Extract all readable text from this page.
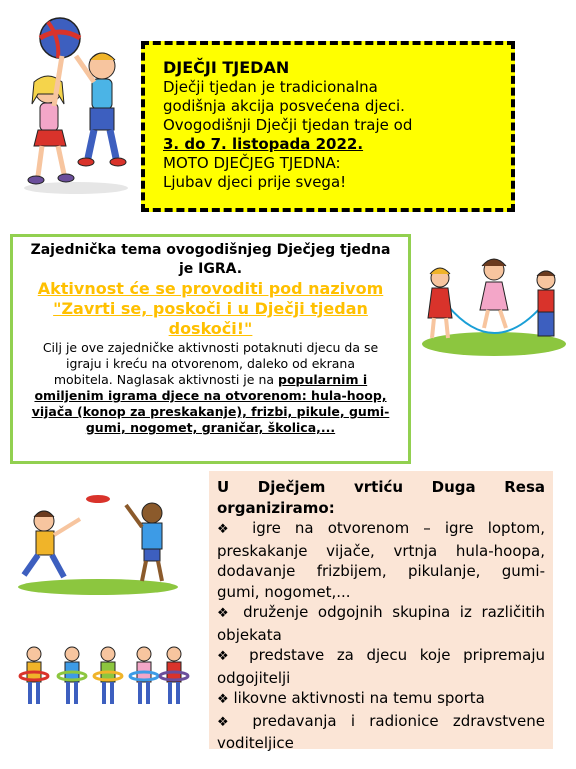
DJEČJI TJEDAN
Dječji tjedan je tradicionalna
godišnja akcija posvećena djeci.
Ovogodišnji Dječji tjedan traje od
3. do 7. listopada 2022.
MOTO DJEČJEG TJEDNA:
Ljubav djeci prije svega!
Zajednička tema ovogodišnjeg Dječjeg tjedna
je IGRA.
Aktivnost će se provoditi pod nazivom
"Zavrti se, poskoči i u Dječji tjedan
doskoči!"
Cilj je ove zajedničke aktivnosti potaknuti djecu da se
igraju i kreću na otvorenom, daleko od ekrana
mobitela. Naglasak aktivnosti je na popularnim i
omiljenim igrama djece na otvorenom: hula-hoop,
vijača (konop za preskakanje), frizbi, pikule, gumi-
gumi, nogomet, graničar, školica,...
U Dječjem vrtiću Duga Resa
organiziramo:
❖ igre na otvorenom – igre loptom,
preskakanje vijače, vrtnja hula-hoopa,
dodavanje frizbijem, pikulanje, gumi-
gumi, nogomet,...
❖ druženje odgojnih skupina iz različitih
objekata
❖ predstave za djecu koje pripremaju
odgojitelji
❖ likovne aktivnosti na temu sporta
❖ predavanja i radionice zdravstvene
voditeljice
